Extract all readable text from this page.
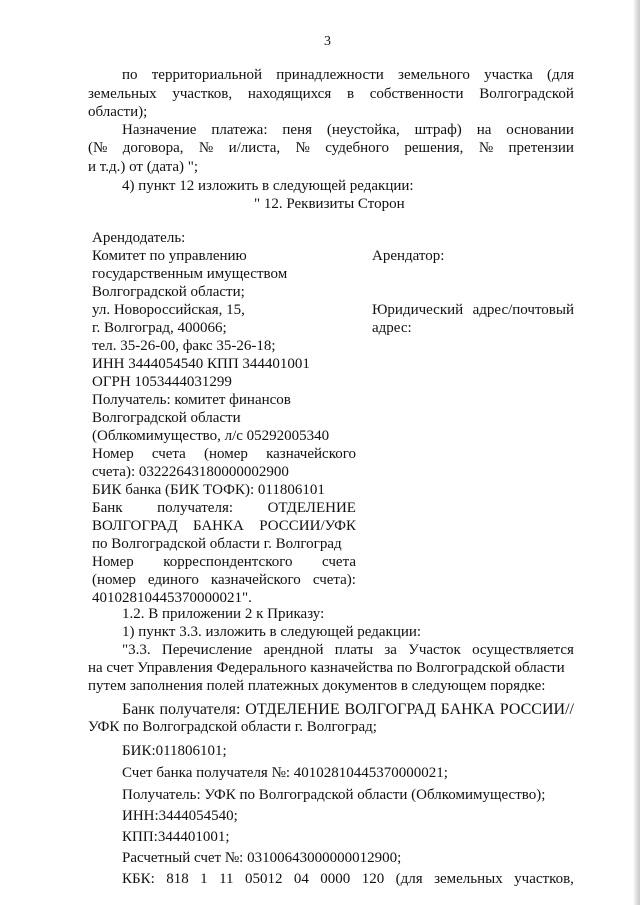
3
по территориальной принадлежности земельного участка (для
земельных участков, находящихся в собственности Волгоградской
области);
Назначение платежа: пеня (неустойка, штраф) на основании
(№ договора, № и/листа, № судебного решения, № претензии
и т.д.) от (дата) ";
4) пункт 12 изложить в следующей редакции:
" 12. Реквизиты Сторон
Арендодатель:
Комитет по управлению
государственным имуществом
Волгоградской области;
ул. Новороссийская, 15,
г. Волгоград, 400066;
тел. 35-26-00, факс 35-26-18;
ИНН 3444054540 КПП 344401001
ОГРН 1053444031299
Получатель: комитет финансов
Волгоградской области
(Облкомимущество, л/с 05292005340
Номер счета (номер казначейского
счета): 03222643180000002900
БИК банка (БИК ТОФК): 011806101
Банк получателя: ОТДЕЛЕНИЕ
ВОЛГОГРАД БАНКА РОССИИ/УФК
по Волгоградской области г. Волгоград
Номер корреспондентского счета
(номер единого казначейского счета):
40102810445370000021".
Арендатор:
Юридический адрес/почтовый
адрес:
1.2. В приложении 2 к Приказу:
1) пункт 3.3. изложить в следующей редакции:
"3.3. Перечисление арендной платы за Участок осуществляется
на счет Управления Федерального казначейства по Волгоградской области
путем заполнения полей платежных документов в следующем порядке:
Банк получателя: ОТДЕЛЕНИЕ ВОЛГОГРАД БАНКА РОССИИ//
УФК по Волгоградской области г. Волгоград;
БИК:011806101;
Счет банка получателя №: 40102810445370000021;
Получатель: УФК по Волгоградской области (Облкомимущество);
ИНН:3444054540;
КПП:344401001;
Расчетный счет №: 03100643000000012900;
КБК: 818 1 11 05012 04 0000 120 (для земельных участков,
